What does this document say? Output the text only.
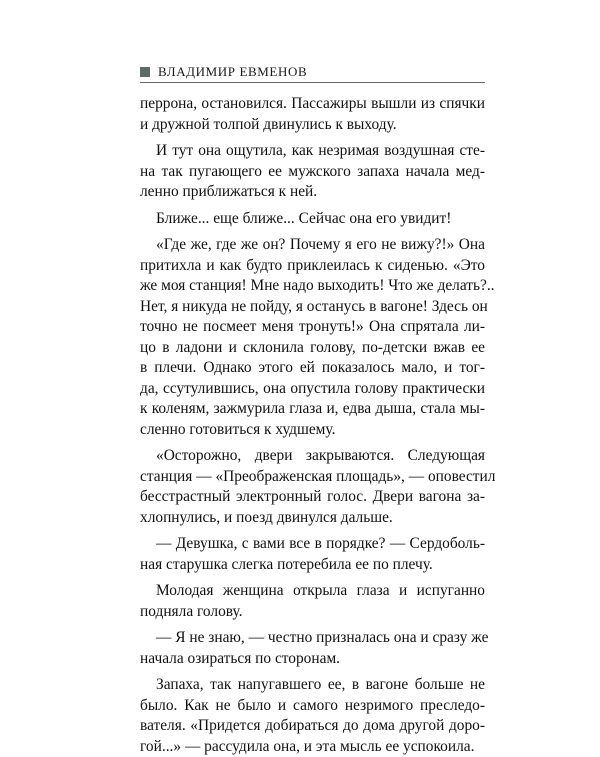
ВЛАДИМИР ЕВМЕНОВ
перрона, остановился. Пассажиры вышли из спячки
и дружной толпой двинулись к выходу.
И тут она ощутила, как незримая воздушная сте-
на так пугающего ее мужского запаха начала мед-
ленно приближаться к ней.
Ближе... еще ближе... Сейчас она его увидит!
«Где же, где же он? Почему я его не вижу?!» Она
притихла и как будто приклеилась к сиденью. «Это
же моя станция! Мне надо выходить! Что же делать?..
Нет, я никуда не пойду, я останусь в вагоне! Здесь он
точно не посмеет меня тронуть!» Она спрятала ли-
цо в ладони и склонила голову, по-детски вжав ее
в плечи. Однако этого ей показалось мало, и тог-
да, ссутулившись, она опустила голову практически
к коленям, зажмурила глаза и, едва дыша, стала мы-
сленно готовиться к худшему.
«Осторожно, двери закрываются. Следующая
станция — «Преображенская площадь», — оповестил
бесстрастный электронный голос. Двери вагона за-
хлопнулись, и поезд двинулся дальше.
— Девушка, с вами все в порядке? — Сердоболь-
ная старушка слегка потеребила ее по плечу.
Молодая женщина открыла глаза и испуганно
подняла голову.
— Я не знаю, — честно призналась она и сразу же
начала озираться по сторонам.
Запаха, так напугавшего ее, в вагоне больше не
было. Как не было и самого незримого преследо-
вателя. «Придется добираться до дома другой доро-
гой...» — рассудила она, и эта мысль ее успокоила.
